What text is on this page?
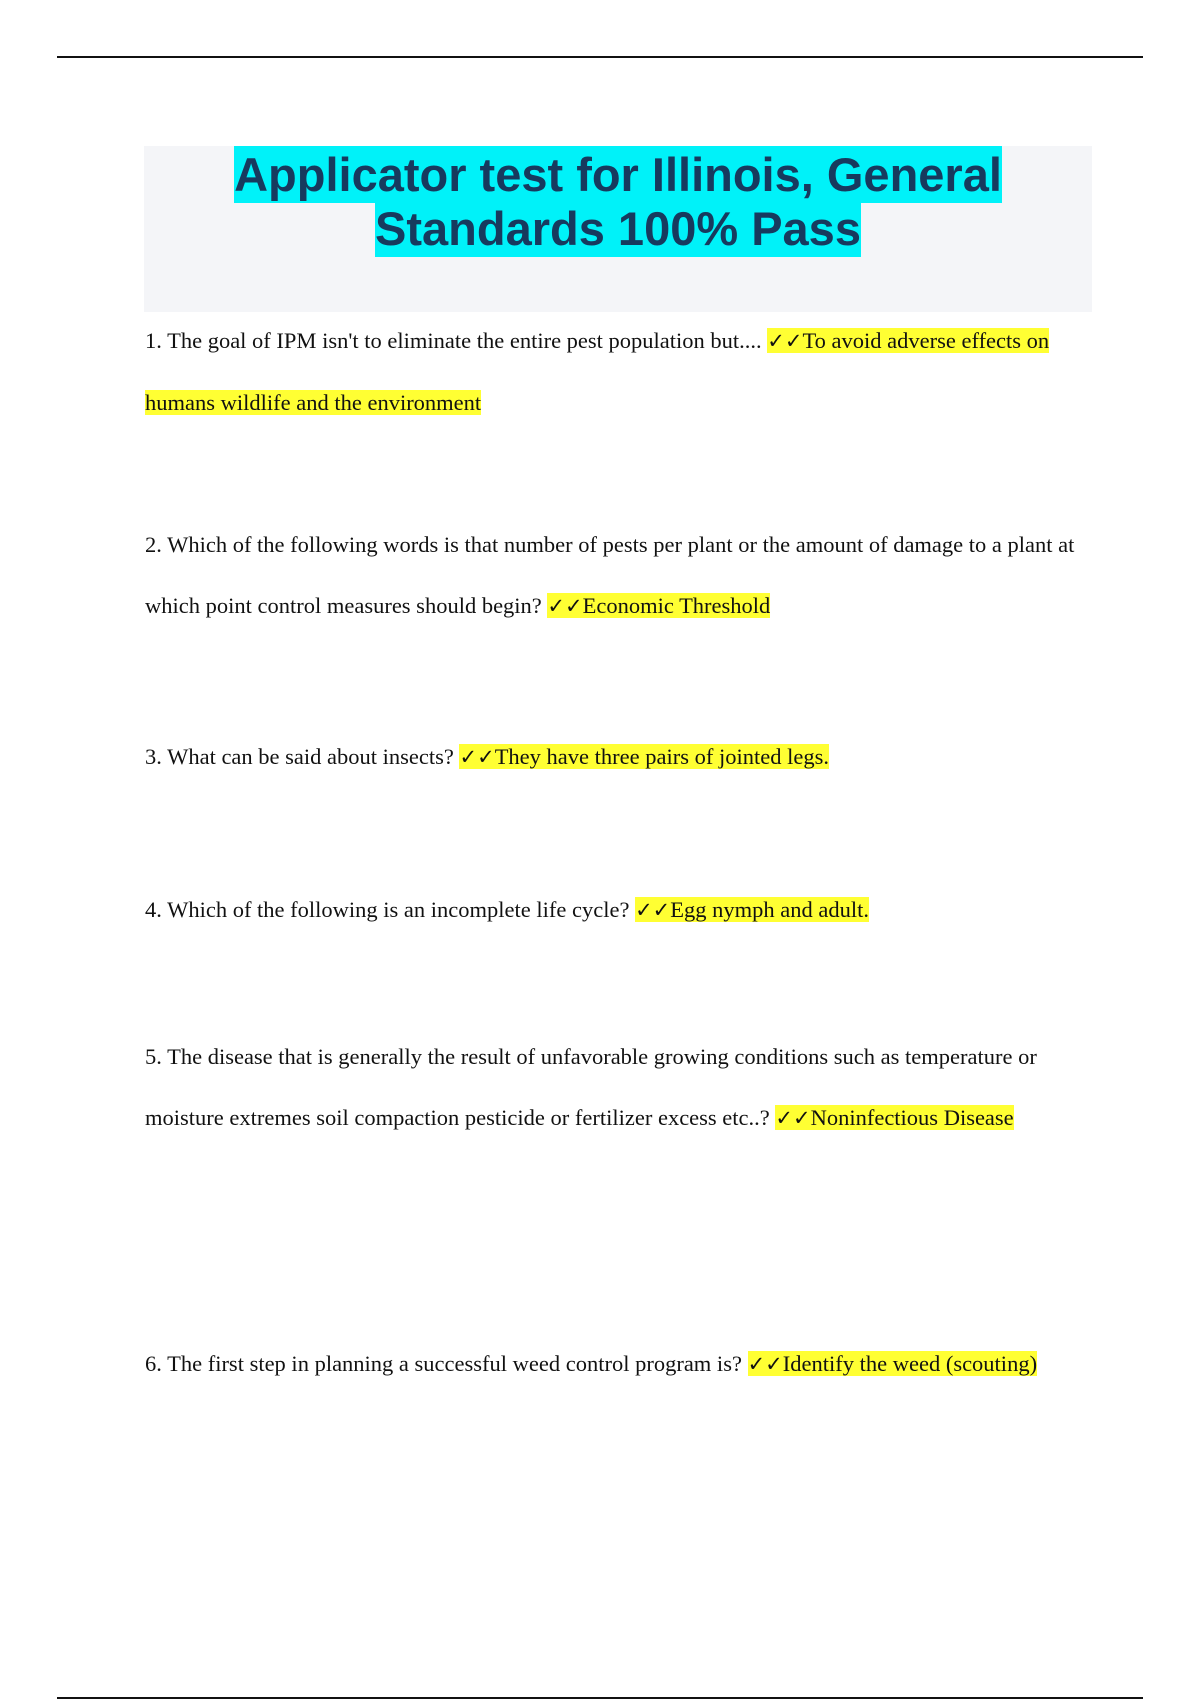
Applicator test for Illinois, General Standards 100% Pass

1. The goal of IPM isn't to eliminate the entire pest population but.... ✓✓To avoid adverse effects on humans wildlife and the environment

2. Which of the following words is that number of pests per plant or the amount of damage to a plant at which point control measures should begin? ✓✓Economic Threshold

3. What can be said about insects? ✓✓They have three pairs of jointed legs.

4. Which of the following is an incomplete life cycle? ✓✓Egg nymph and adult.

5. The disease that is generally the result of unfavorable growing conditions such as temperature or moisture extremes soil compaction pesticide or fertilizer excess etc..? ✓✓Noninfectious Disease

6. The first step in planning a successful weed control program is? ✓✓Identify the weed (scouting)
